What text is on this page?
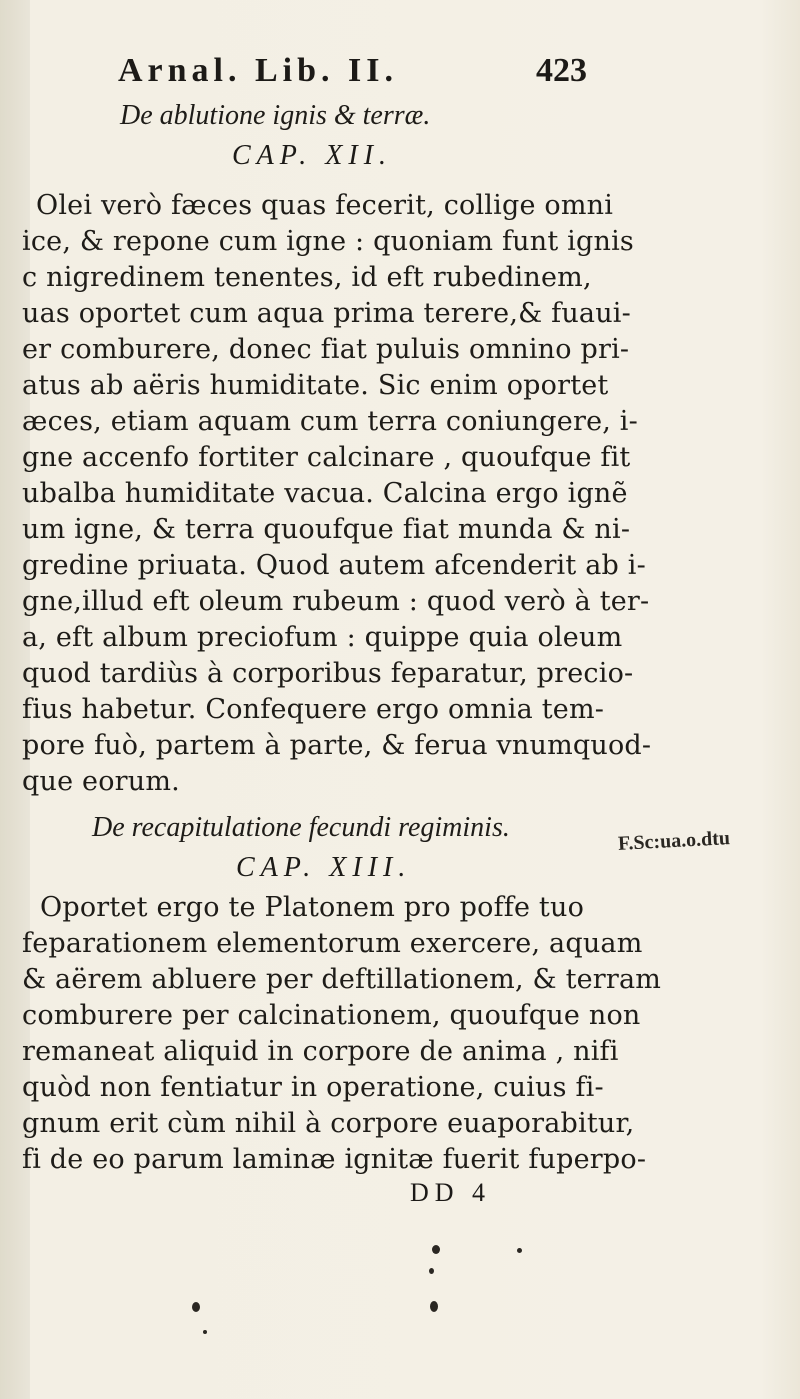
Arnal. Lib. II.	423
De ablutione ignis & terræ.
CAP. XII.
Olei verò fæces quas fecerit, collige omni
ice, & repone cum igne : quoniam funt ignis
c nigredinem tenentes, id eft rubedinem,
uas oportet cum aqua prima terere,& fuaui-
er comburere, donec fiat puluis omnino pri-
atus ab aëris humiditate. Sic enim oportet
æces, etiam aquam cum terra coniungere, i-
gne accenfo fortiter calcinare , quoufque fit
ubalba humiditate vacua. Calcina ergo ignẽ
um igne, & terra quoufque fiat munda & ni-
gredine priuata. Quod autem afcenderit ab i-
gne,illud eft oleum rubeum : quod verò à ter-
a, eft album preciofum : quippe quia oleum
quod tardiùs à corporibus feparatur, precio-
fius habetur. Confequere ergo omnia tem-
pore fuò, partem à parte, & ferua vnumquod-
que eorum.
De recapitulatione fecundi regiminis.
CAP. XIII.
F.Sc:ua.o.dtu
Oportet ergo te Platonem pro poffe tuo
feparationem elementorum exercere, aquam
& aërem abluere per deftillationem, & terram
comburere per calcinationem, quoufque non
remaneat aliquid in corpore de anima , nifi
quòd non fentiatur in operatione, cuius fi-
gnum erit cùm nihil à corpore euaporabitur,
fi de eo parum laminæ ignitæ fuerit fuperpo-
DD 4
